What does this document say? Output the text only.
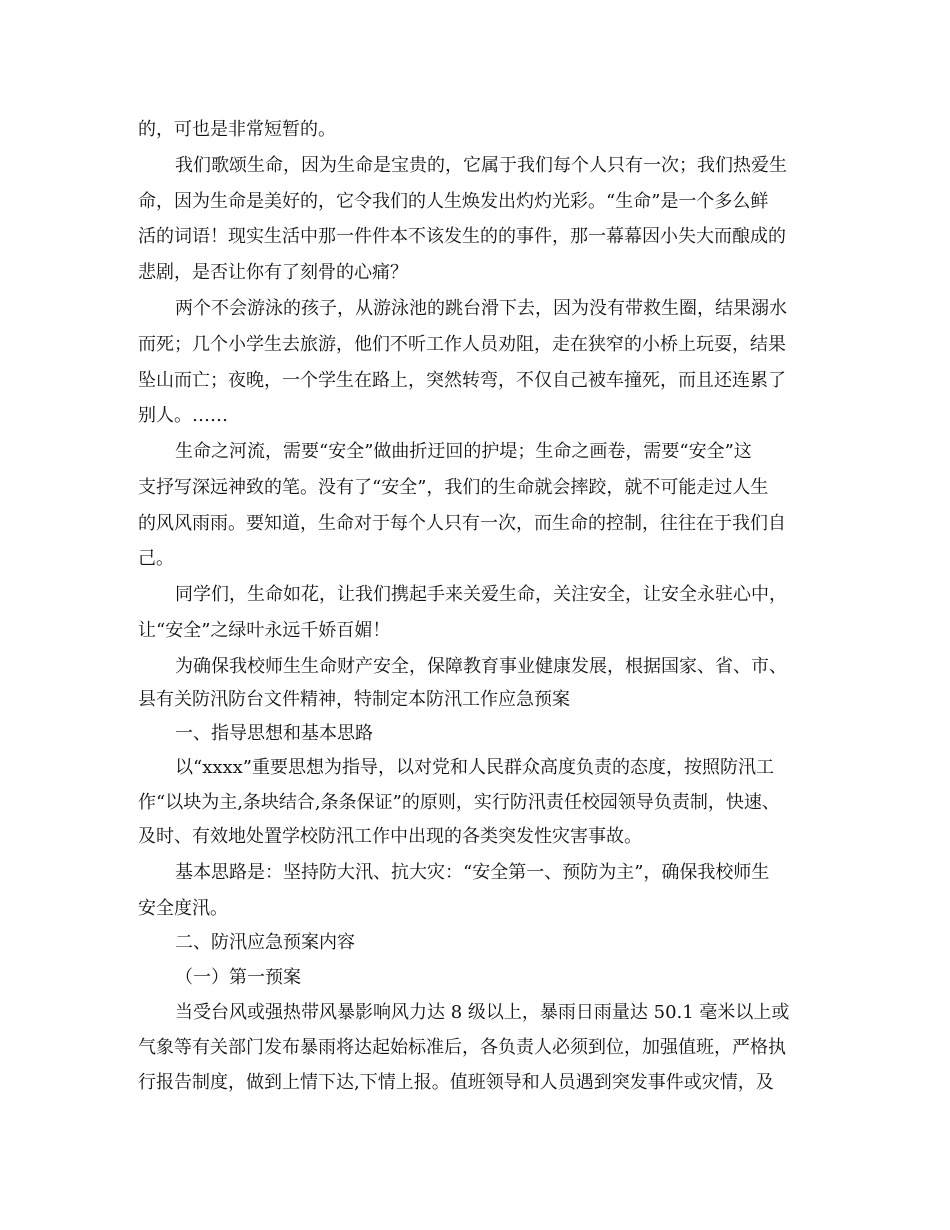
的，可也是非常短暂的。
我们歌颂生命，因为生命是宝贵的，它属于我们每个人只有一次；我们热爱生
命，因为生命是美好的，它令我们的人生焕发出灼灼光彩。“生命”是一个多么鲜
活的词语！现实生活中那一件件本不该发生的的事件，那一幕幕因小失大而酿成的
悲剧，是否让你有了刻骨的心痛？
两个不会游泳的孩子，从游泳池的跳台滑下去，因为没有带救生圈，结果溺水
而死；几个小学生去旅游，他们不听工作人员劝阻，走在狭窄的小桥上玩耍，结果
坠山而亡；夜晚，一个学生在路上，突然转弯，不仅自己被车撞死，而且还连累了
别人。……
生命之河流，需要“安全”做曲折迂回的护堤；生命之画卷，需要“安全”这
支抒写深远神致的笔。没有了“安全”，我们的生命就会摔跤，就不可能走过人生
的风风雨雨。要知道，生命对于每个人只有一次，而生命的控制，往往在于我们自
己。
同学们，生命如花，让我们携起手来关爱生命，关注安全，让安全永驻心中，
让“安全”之绿叶永远千娇百媚！
为确保我校师生生命财产安全，保障教育事业健康发展，根据国家、省、市、
县有关防汛防台文件精神，特制定本防汛工作应急预案
一、指导思想和基本思路
以“xxxx”重要思想为指导，以对党和人民群众高度负责的态度，按照防汛工
作“以块为主,条块结合,条条保证”的原则，实行防汛责任校园领导负责制，快速、
及时、有效地处置学校防汛工作中出现的各类突发性灾害事故。
基本思路是：坚持防大汛、抗大灾：“安全第一、预防为主”，确保我校师生
安全度汛。
二、防汛应急预案内容
（一）第一预案
当受台风或强热带风暴影响风力达 8 级以上，暴雨日雨量达 50.1 毫米以上或
气象等有关部门发布暴雨将达起始标准后，各负责人必须到位，加强值班，严格执
行报告制度，做到上情下达,下情上报。值班领导和人员遇到突发事件或灾情，及
